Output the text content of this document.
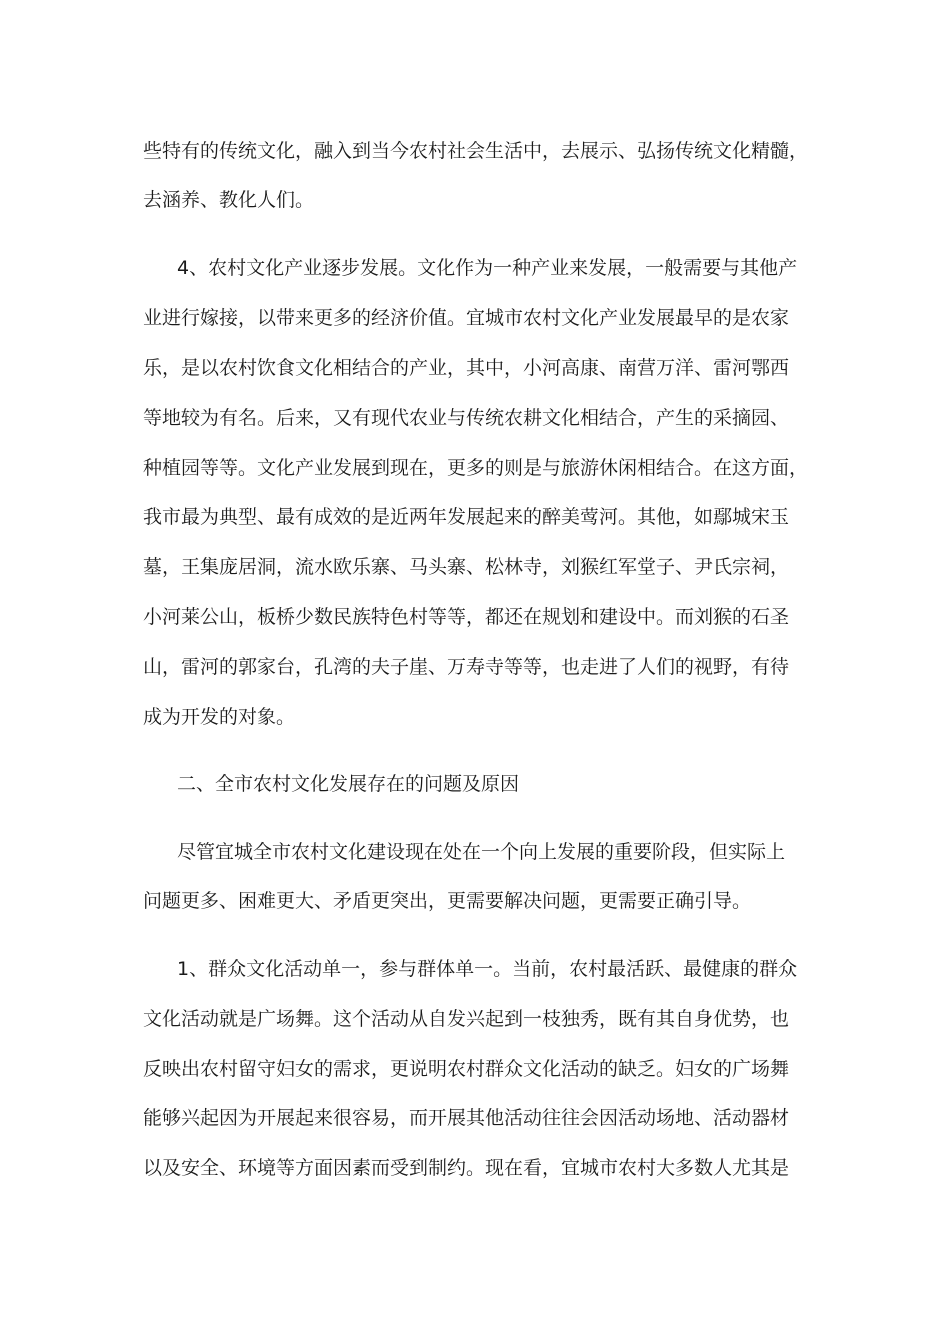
些特有的传统文化，融入到当今农村社会生活中，去展示、弘扬传统文化精髓，
去涵养、教化人们。
4、农村文化产业逐步发展。文化作为一种产业来发展，一般需要与其他产
业进行嫁接，以带来更多的经济价值。宜城市农村文化产业发展最早的是农家
乐，是以农村饮食文化相结合的产业，其中，小河高康、南营万洋、雷河鄂西
等地较为有名。后来，又有现代农业与传统农耕文化相结合，产生的采摘园、
种植园等等。文化产业发展到现在，更多的则是与旅游休闲相结合。在这方面，
我市最为典型、最有成效的是近两年发展起来的醉美莺河。其他，如鄢城宋玉
墓，王集庞居洞，流水欧乐寨、马头寨、松林寺，刘猴红军堂子、尹氏宗祠，
小河莱公山，板桥少数民族特色村等等，都还在规划和建设中。而刘猴的石圣
山，雷河的郭家台，孔湾的夫子崖、万寿寺等等，也走进了人们的视野，有待
成为开发的对象。
二、全市农村文化发展存在的问题及原因
尽管宜城全市农村文化建设现在处在一个向上发展的重要阶段，但实际上
问题更多、困难更大、矛盾更突出，更需要解决问题，更需要正确引导。
1、群众文化活动单一，参与群体单一。当前，农村最活跃、最健康的群众
文化活动就是广场舞。这个活动从自发兴起到一枝独秀，既有其自身优势，也
反映出农村留守妇女的需求，更说明农村群众文化活动的缺乏。妇女的广场舞
能够兴起因为开展起来很容易，而开展其他活动往往会因活动场地、活动器材
以及安全、环境等方面因素而受到制约。现在看，宜城市农村大多数人尤其是
